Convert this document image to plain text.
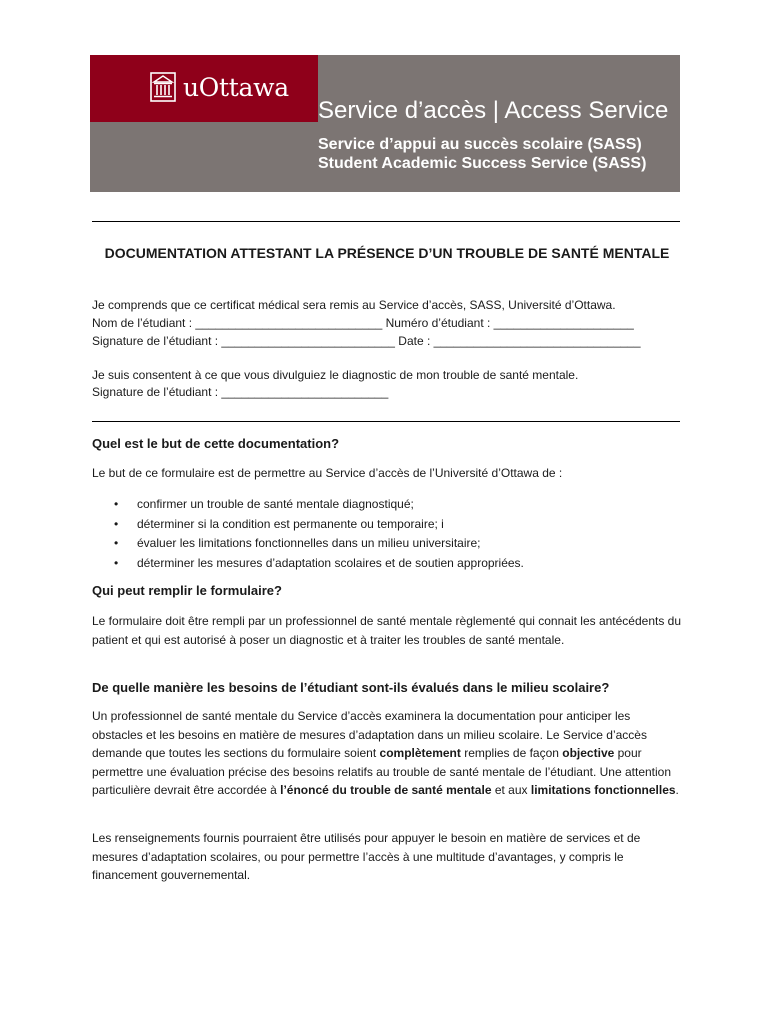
uOttawa
Service d’accès | Access Service
Service d’appui au succès scolaire (SASS)
Student Academic Success Service (SASS)
DOCUMENTATION ATTESTANT LA PRÉSENCE D’UN TROUBLE DE SANTÉ MENTALE
Je comprends que ce certificat médical sera remis au Service d’accès, SASS, Université d’Ottawa.
Nom de l’étudiant : ____________________________ Numéro d’étudiant : _____________________
Signature de l’étudiant : __________________________ Date : _______________________________
Je suis consentent à ce que vous divulguiez le diagnostic de mon trouble de santé mentale.
Signature de l’étudiant : _________________________
Quel est le but de cette documentation?
Le but de ce formulaire est de permettre au Service d’accès de l’Université d’Ottawa de :
• confirmer un trouble de santé mentale diagnostiqué;
• déterminer si la condition est permanente ou temporaire; i
• évaluer les limitations fonctionnelles dans un milieu universitaire;
• déterminer les mesures d’adaptation scolaires et de soutien appropriées.
Qui peut remplir le formulaire?
Le formulaire doit être rempli par un professionnel de santé mentale règlementé qui connait les antécédents du patient et qui est autorisé à poser un diagnostic et à traiter les troubles de santé mentale.
De quelle manière les besoins de l’étudiant sont-ils évalués dans le milieu scolaire?
Un professionnel de santé mentale du Service d’accès examinera la documentation pour anticiper les obstacles et les besoins en matière de mesures d’adaptation dans un milieu scolaire. Le Service d’accès demande que toutes les sections du formulaire soient complètement remplies de façon objective pour permettre une évaluation précise des besoins relatifs au trouble de santé mentale de l’étudiant. Une attention particulière devrait être accordée à l’énoncé du trouble de santé mentale et aux limitations fonctionnelles.
Les renseignements fournis pourraient être utilisés pour appuyer le besoin en matière de services et de mesures d’adaptation scolaires, ou pour permettre l’accès à une multitude d’avantages, y compris le financement gouvernemental.
